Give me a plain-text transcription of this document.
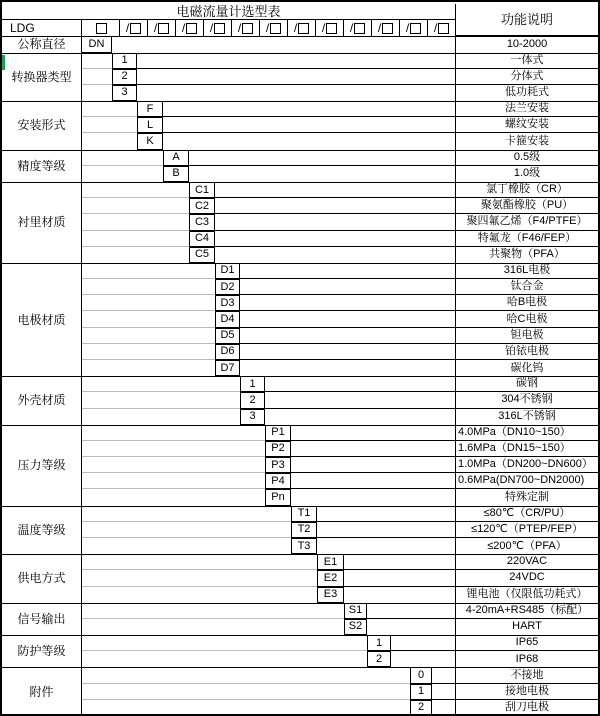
电磁流量计选型表
功能说明
LDG	/ / / / / / / / / / / /
公称直径	DN	10-2000
转换器类型
1	一体式
2	分体式
3	低功耗式
安装形式
F	法兰安装
L	螺纹安装
K	卡箍安装
精度等级
A	0.5级
B	1.0级
衬里材质
C1	氯丁橡胶（CR）
C2	聚氨酯橡胶（PU）
C3	聚四氟乙烯（F4/PTFE）
C4	特氟龙（F46/FEP）
C5	共聚物（PFA）
电极材质
D1	316L电极
D2	钛合金
D3	哈B电极
D4	哈C电极
D5	钽电极
D6	铂铱电极
D7	碳化钨
外壳材质
1	碳钢
2	304不锈钢
3	316L不锈钢
压力等级
P1	4.0MPa（DN10~150）
P2	1.6MPa（DN15~150）
P3	1.0MPa（DN200~DN600）
P4	0.6MPa(DN700~DN2000)
Pn	特殊定制
温度等级
T1	≤80℃（CR/PU）
T2	≤120℃（PTEP/FEP）
T3	≤200℃（PFA）
供电方式
E1	220VAC
E2	24VDC
E3	锂电池（仅限低功耗式）
信号输出
S1	4-20mA+RS485（标配）
S2	HART
防护等级
1	IP65
2	IP68
附件
0	不接地
1	接地电极
2	刮刀电极
